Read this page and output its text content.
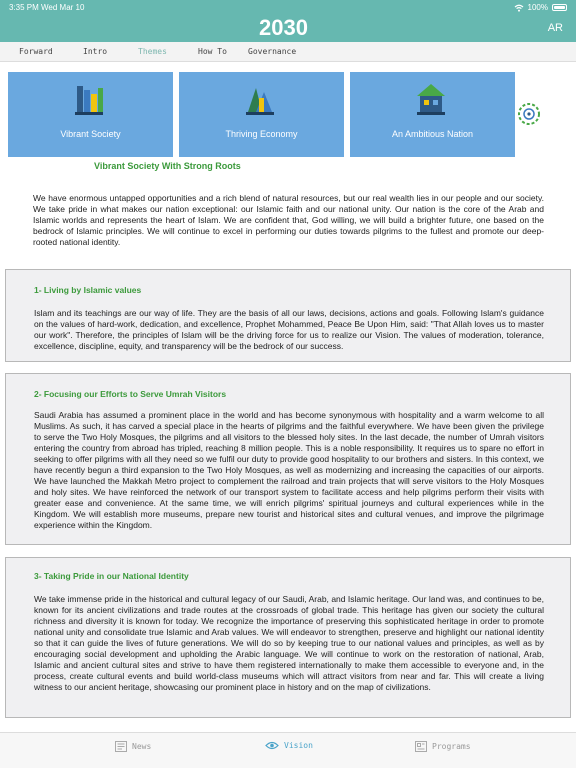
3:35 PM Wed Mar 10	100%
2030	AR
Forward	Intro	Themes	How To	Governance
Vibrant Society	Thriving Economy	An Ambitious Nation
Vibrant Society With Strong Roots

We have enormous untapped opportunities and a rich blend of natural resources, but our real wealth lies in our people and our society. We take pride in what makes our nation exceptional: our Islamic faith and our national unity. Our nation is the core of the Arab and Islamic worlds and represents the heart of Islam. We are confident that, God willing, we will build a brighter future, one based on the bedrock of Islamic principles. We will continue to excel in performing our duties towards pilgrims to the fullest and promote our deep-rooted national identity.

1- Living by Islamic values

Islam and its teachings are our way of life. They are the basis of all our laws, decisions, actions and goals. Following Islam's guidance on the values of hard-work, dedication, and excellence, Prophet Mohammed, Peace Be Upon Him, said: "That Allah loves us to master our work". Therefore, the principles of Islam will be the driving force for us to realize our Vision. The values of moderation, tolerance, excellence, discipline, equity, and transparency will be the bedrock of our success.

2- Focusing our Efforts to Serve Umrah Visitors

Saudi Arabia has assumed a prominent place in the world and has become synonymous with hospitality and a warm welcome to all Muslims. As such, it has carved a special place in the hearts of pilgrims and the faithful everywhere. We have been given the privilege to serve the Two Holy Mosques, the pilgrims and all visitors to the blessed holy sites. In the last decade, the number of Umrah visitors entering the country from abroad has tripled, reaching 8 million people. This is a noble responsibility. It requires us to spare no effort in seeking to offer pilgrims with all they need so we fulfil our duty to provide good hospitality to our brothers and sisters. In this context, we have recently begun a third expansion to the Two Holy Mosques, as well as modernizing and increasing the capacities of our airports. We have launched the Makkah Metro project to complement the railroad and train projects that will serve visitors to the Holy Mosques and holy sites. We have reinforced the network of our transport system to facilitate access and help pilgrims perform their visits with greater ease and convenience. At the same time, we will enrich pilgrims' spiritual journeys and cultural experiences while in the Kingdom. We will establish more museums, prepare new tourist and historical sites and cultural venues, and improve the pilgrimage experience within the Kingdom.

3- Taking Pride in our National Identity

We take immense pride in the historical and cultural legacy of our Saudi, Arab, and Islamic heritage. Our land was, and continues to be, known for its ancient civilizations and trade routes at the crossroads of global trade. This heritage has given our society the cultural richness and diversity it is known for today. We recognize the importance of preserving this sophisticated heritage in order to promote national unity and consolidate true Islamic and Arab values. We will endeavor to strengthen, preserve and highlight our national identity so that it can guide the lives of future generations. We will do so by keeping true to our national values and principles, as well as by encouraging social development and upholding the Arabic language. We will continue to work on the restoration of national, Arab, Islamic and ancient cultural sites and strive to have them registered internationally to make them accessible to everyone and, in the process, create cultural events and build world-class museums which will attract visitors from near and far. This will create a living witness to our ancient heritage, showcasing our prominent place in history and on the map of civilizations.

News	Vision	Programs
